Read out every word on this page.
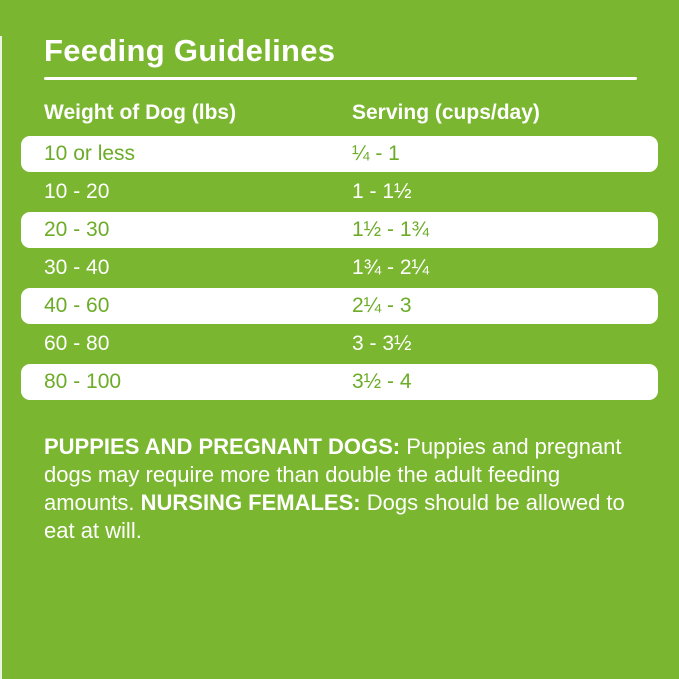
Feeding Guidelines
Weight of Dog (lbs)	Serving (cups/day)
10 or less	¼ - 1
10 - 20	1 - 1½
20 - 30	1½ - 1¾
30 - 40	1¾ - 2¼
40 - 60	2¼ - 3
60 - 80	3 - 3½
80 - 100	3½ - 4
PUPPIES AND PREGNANT DOGS: Puppies and pregnant dogs may require more than double the adult feeding amounts. NURSING FEMALES: Dogs should be allowed to eat at will.
